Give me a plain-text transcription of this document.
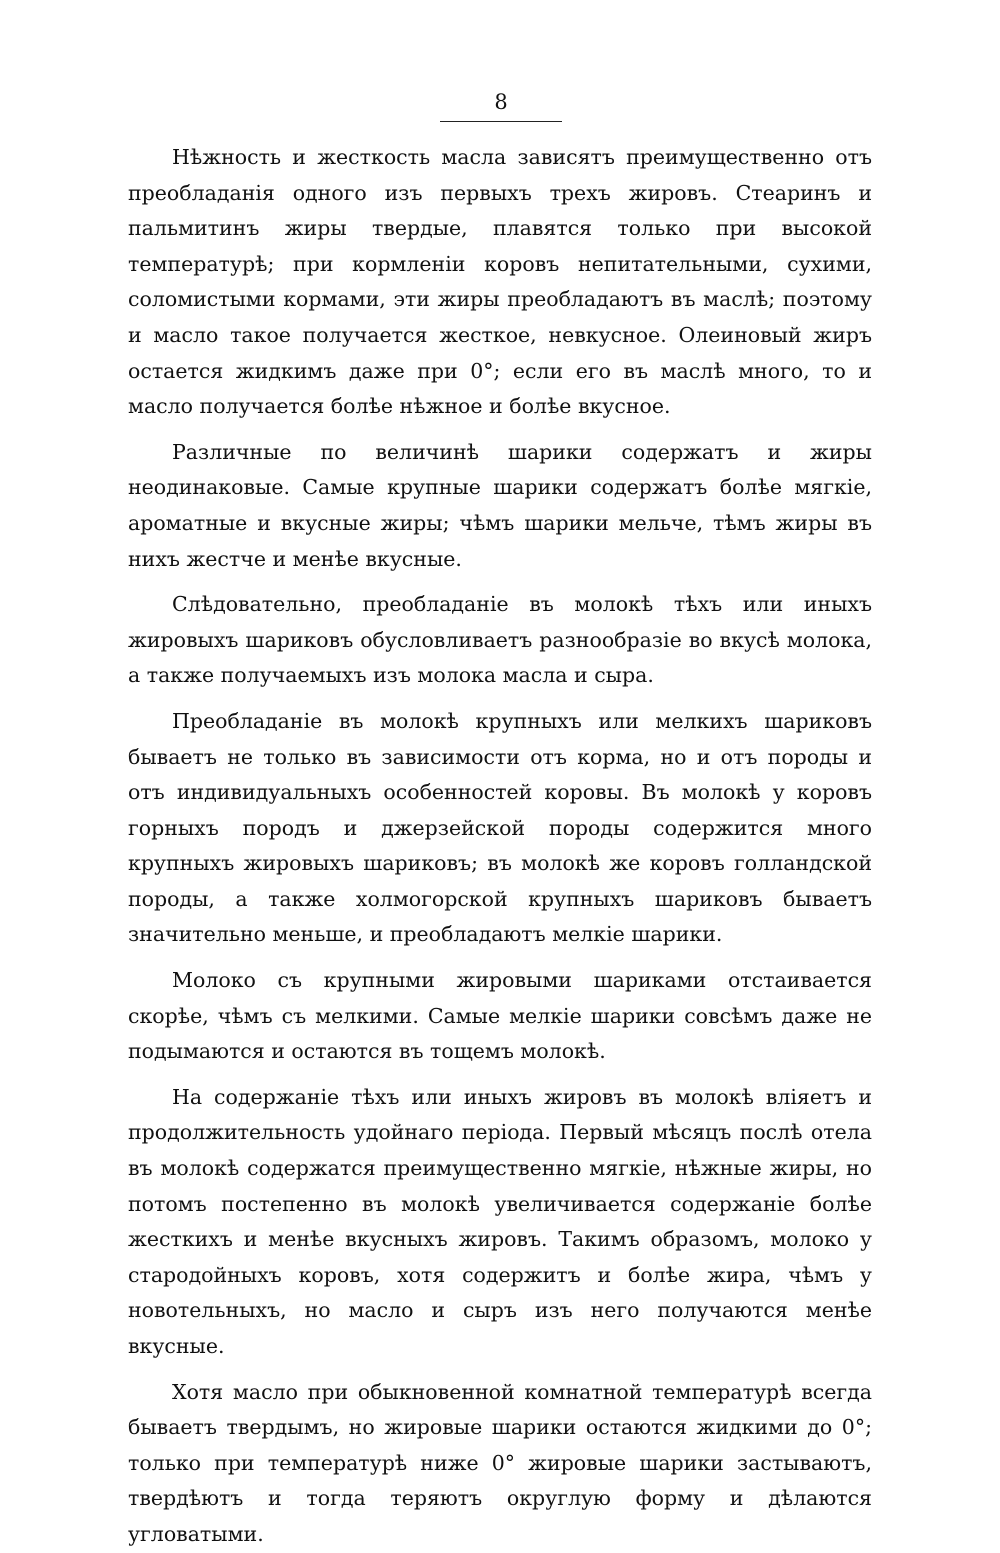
8

Нѣжность и жесткость масла зависятъ преимущественно отъ преобладанія одного изъ первыхъ трехъ жировъ. Стеаринъ и пальмитинъ жиры твердые, плавятся только при высокой температурѣ; при кормленіи коровъ непитательными, сухими, соломистыми кормами, эти жиры преобладаютъ въ маслѣ; поэтому и масло такое получается жесткое, невкусное. Олеиновый жиръ остается жидкимъ даже при 0°; если его въ маслѣ много, то и масло получается болѣе нѣжное и болѣе вкусное.

Различные по величинѣ шарики содержатъ и жиры неодинаковые. Самые крупные шарики содержатъ болѣе мягкіе, ароматные и вкусные жиры; чѣмъ шарики мельче, тѣмъ жиры въ нихъ жестче и менѣе вкусные.

Слѣдовательно, преобладаніе въ молокѣ тѣхъ или иныхъ жировыхъ шариковъ обусловливаетъ разнообразіе во вкусѣ молока, а также получаемыхъ изъ молока масла и сыра.

Преобладаніе въ молокѣ крупныхъ или мелкихъ шариковъ бываетъ не только въ зависимости отъ корма, но и отъ породы и отъ индивидуальныхъ особенностей коровы. Въ молокѣ у коровъ горныхъ породъ и джерзейской породы содержится много крупныхъ жировыхъ шариковъ; въ молокѣ же коровъ голландской породы, а также холмогорской крупныхъ шариковъ бываетъ значительно меньше, и преобладаютъ мелкіе шарики.

Молоко съ крупными жировыми шариками отстаивается скорѣе, чѣмъ съ мелкими. Самые мелкіе шарики совсѣмъ даже не подымаются и остаются въ тощемъ молокѣ.

На содержаніе тѣхъ или иныхъ жировъ въ молокѣ вліяетъ и продолжительность удойнаго періода. Первый мѣсяцъ послѣ отела въ молокѣ содержатся преимущественно мягкіе, нѣжные жиры, но потомъ постепенно въ молокѣ увеличивается содержаніе болѣе жесткихъ и менѣе вкусныхъ жировъ. Такимъ образомъ, молоко у стародойныхъ коровъ, хотя содержитъ и болѣе жира, чѣмъ у новотельныхъ, но масло и сыръ изъ него получаются менѣе вкусные.

Хотя масло при обыкновенной комнатной температурѣ всегда бываетъ твердымъ, но жировые шарики остаются жидкими до 0°; только при температурѣ ниже 0° жировые шарики застываютъ, твердѣютъ и тогда теряютъ округлую форму и дѣлаются угловатыми.
